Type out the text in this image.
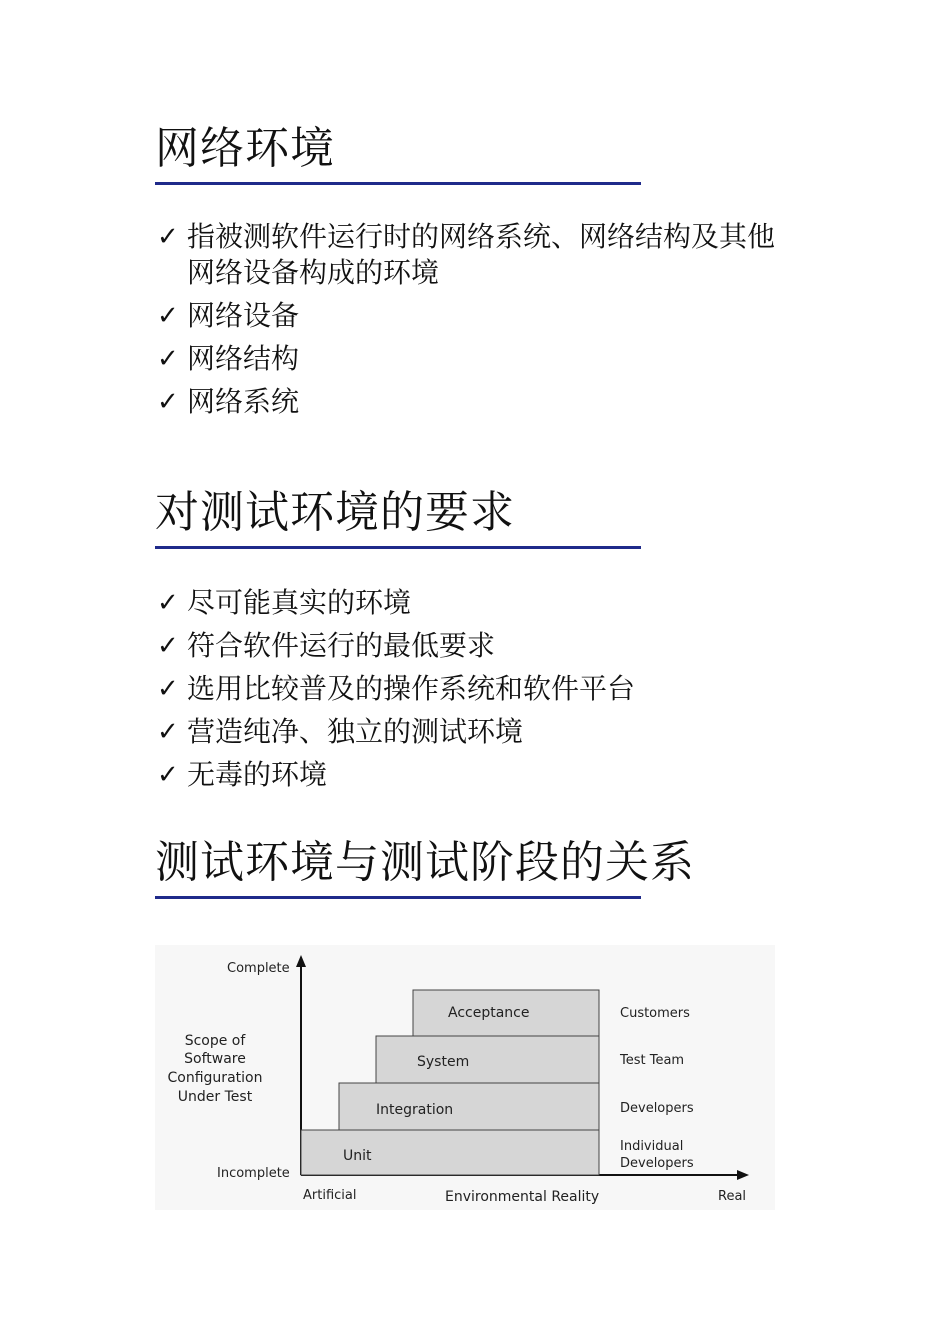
网络环境
✓ 指被测软件运行时的网络系统、网络结构及其他网络设备构成的环境
✓ 网络设备
✓ 网络结构
✓ 网络系统
对测试环境的要求
✓ 尽可能真实的环境
✓ 符合软件运行的最低要求
✓ 选用比较普及的操作系统和软件平台
✓ 营造纯净、独立的测试环境
✓ 无毒的环境
测试环境与测试阶段的关系
Acceptance
System
Integration
Unit
Customers
Test Team
Developers
Individual
Developers
Complete
Incomplete
Scope of
Software
Configuration
Under Test
Artificial	Environmental Reality	Real
